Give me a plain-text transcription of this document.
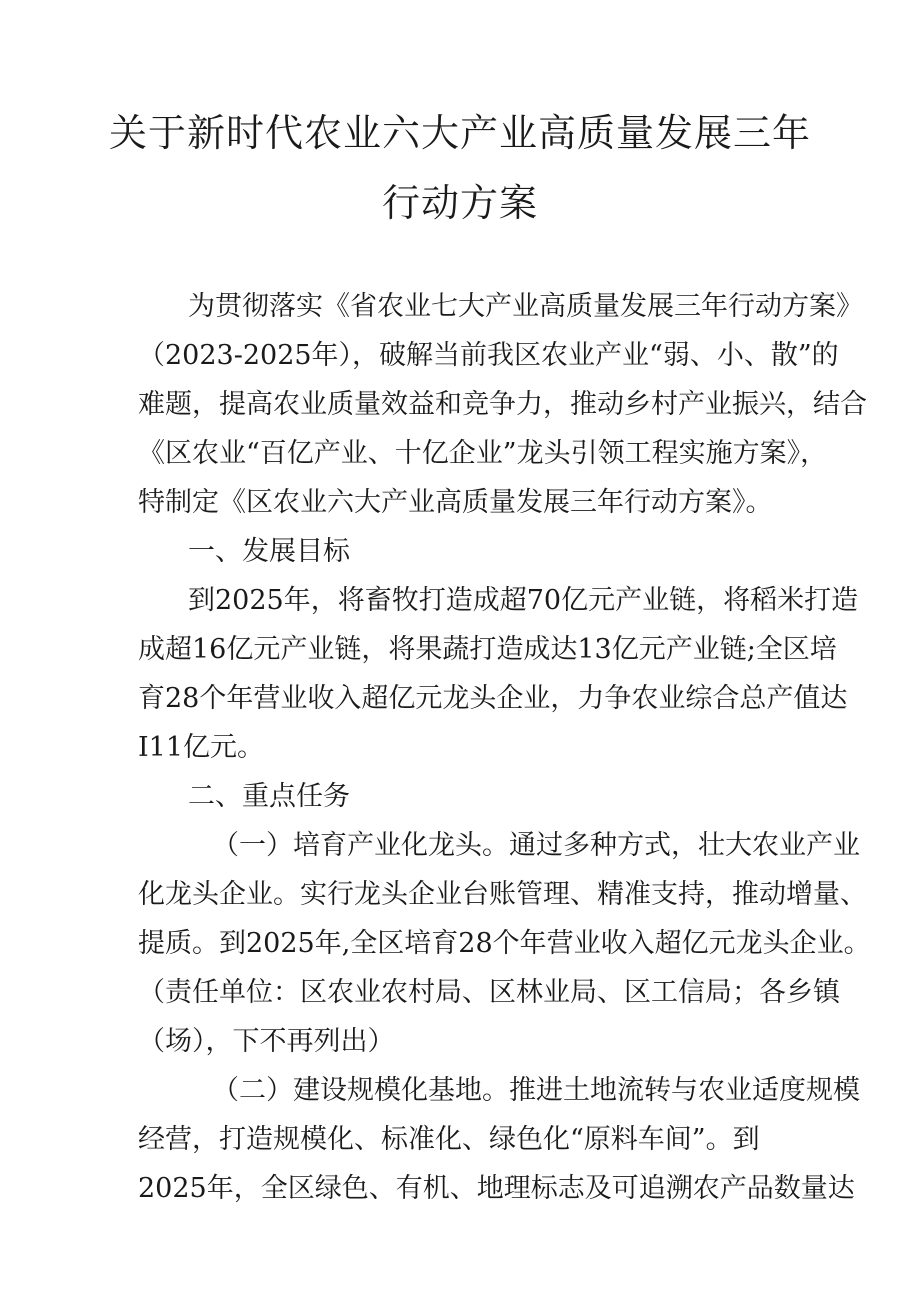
关于新时代农业六大产业高质量发展三年
行动方案
为贯彻落实《省农业七大产业高质量发展三年行动方案》
（2023-2025年），破解当前我区农业产业“弱、小、散”的
难题，提高农业质量效益和竞争力，推动乡村产业振兴，结合
《区农业“百亿产业、十亿企业”龙头引领工程实施方案》，
特制定《区农业六大产业高质量发展三年行动方案》。
一、发展目标
到2025年，将畜牧打造成超70亿元产业链，将稻米打造
成超16亿元产业链，将果蔬打造成达13亿元产业链;全区培
育28个年营业收入超亿元龙头企业，力争农业综合总产值达
I11亿元。
二、重点任务
（一）培育产业化龙头。通过多种方式，壮大农业产业
化龙头企业。实行龙头企业台账管理、精准支持，推动增量、
提质。到2025年,全区培育28个年营业收入超亿元龙头企业。
（责任单位：区农业农村局、区林业局、区工信局；各乡镇
（场），下不再列出）
（二）建设规模化基地。推进土地流转与农业适度规模
经营，打造规模化、标准化、绿色化“原料车间”。到
2025年，全区绿色、有机、地理标志及可追溯农产品数量达
